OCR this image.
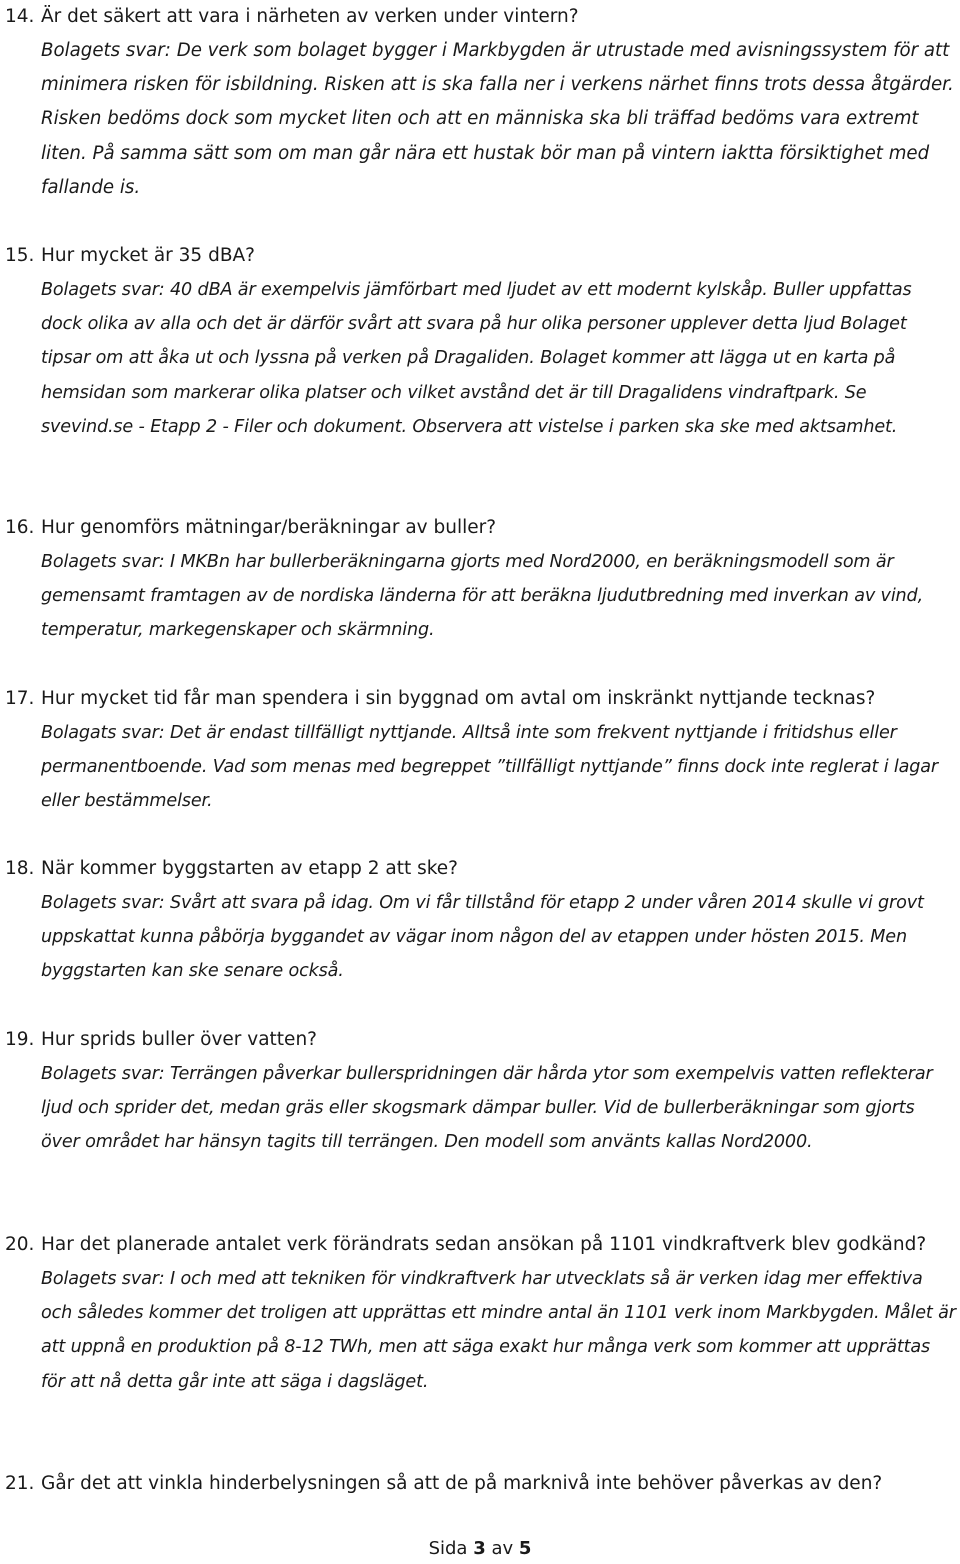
14. Är det säkert att vara i närheten av verken under vintern?
Bolagets svar: De verk som bolaget bygger i Markbygden är utrustade med avisningssystem för att minimera risken för isbildning. Risken att is ska falla ner i verkens närhet finns trots dessa åtgärder. Risken bedöms dock som mycket liten och att en människa ska bli träffad bedöms vara extremt liten. På samma sätt som om man går nära ett hustak bör man på vintern iaktta försiktighet med fallande is.
15. Hur mycket är 35 dBA?
Bolagets svar: 40 dBA är exempelvis jämförbart med ljudet av ett modernt kylskåp. Buller uppfattas dock olika av alla och det är därför svårt att svara på hur olika personer upplever detta ljud Bolaget tipsar om att åka ut och lyssna på verken på Dragaliden. Bolaget kommer att lägga ut en karta på hemsidan som markerar olika platser och vilket avstånd det är till Dragalidens vindraftpark. Se svevind.se - Etapp 2 - Filer och dokument. Observera att vistelse i parken ska ske med aktsamhet.
16. Hur genomförs mätningar/beräkningar av buller?
Bolagets svar: I MKBn har bullerberäkningarna gjorts med Nord2000, en beräkningsmodell som är gemensamt framtagen av de nordiska länderna för att beräkna ljudutbredning med inverkan av vind, temperatur, markegenskaper och skärmning.
17. Hur mycket tid får man spendera i sin byggnad om avtal om inskränkt nyttjande tecknas?
Bolagats svar: Det är endast tillfälligt nyttjande. Alltså inte som frekvent nyttjande i fritidshus eller permanentboende. Vad som menas med begreppet ”tillfälligt nyttjande” finns dock inte reglerat i lagar eller bestämmelser.
18. När kommer byggstarten av etapp 2 att ske?
Bolagets svar: Svårt att svara på idag. Om vi får tillstånd för etapp 2 under våren 2014 skulle vi grovt uppskattat kunna påbörja byggandet av vägar inom någon del av etappen under hösten 2015. Men byggstarten kan ske senare också.
19. Hur sprids buller över vatten?
Bolagets svar: Terrängen påverkar bullerspridningen där hårda ytor som exempelvis vatten reflekterar ljud och sprider det, medan gräs eller skogsmark dämpar buller. Vid de bullerberäkningar som gjorts över området har hänsyn tagits till terrängen. Den modell som använts kallas Nord2000.
20. Har det planerade antalet verk förändrats sedan ansökan på 1101 vindkraftverk blev godkänd?
Bolagets svar: I och med att tekniken för vindkraftverk har utvecklats så är verken idag mer effektiva och således kommer det troligen att upprättas ett mindre antal än 1101 verk inom Markbygden. Målet är att uppnå en produktion på 8-12 TWh, men att säga exakt hur många verk som kommer att upprättas för att nå detta går inte att säga i dagsläget.
21. Går det att vinkla hinderbelysningen så att de på marknivå inte behöver påverkas av den?
Sida 3 av 5
